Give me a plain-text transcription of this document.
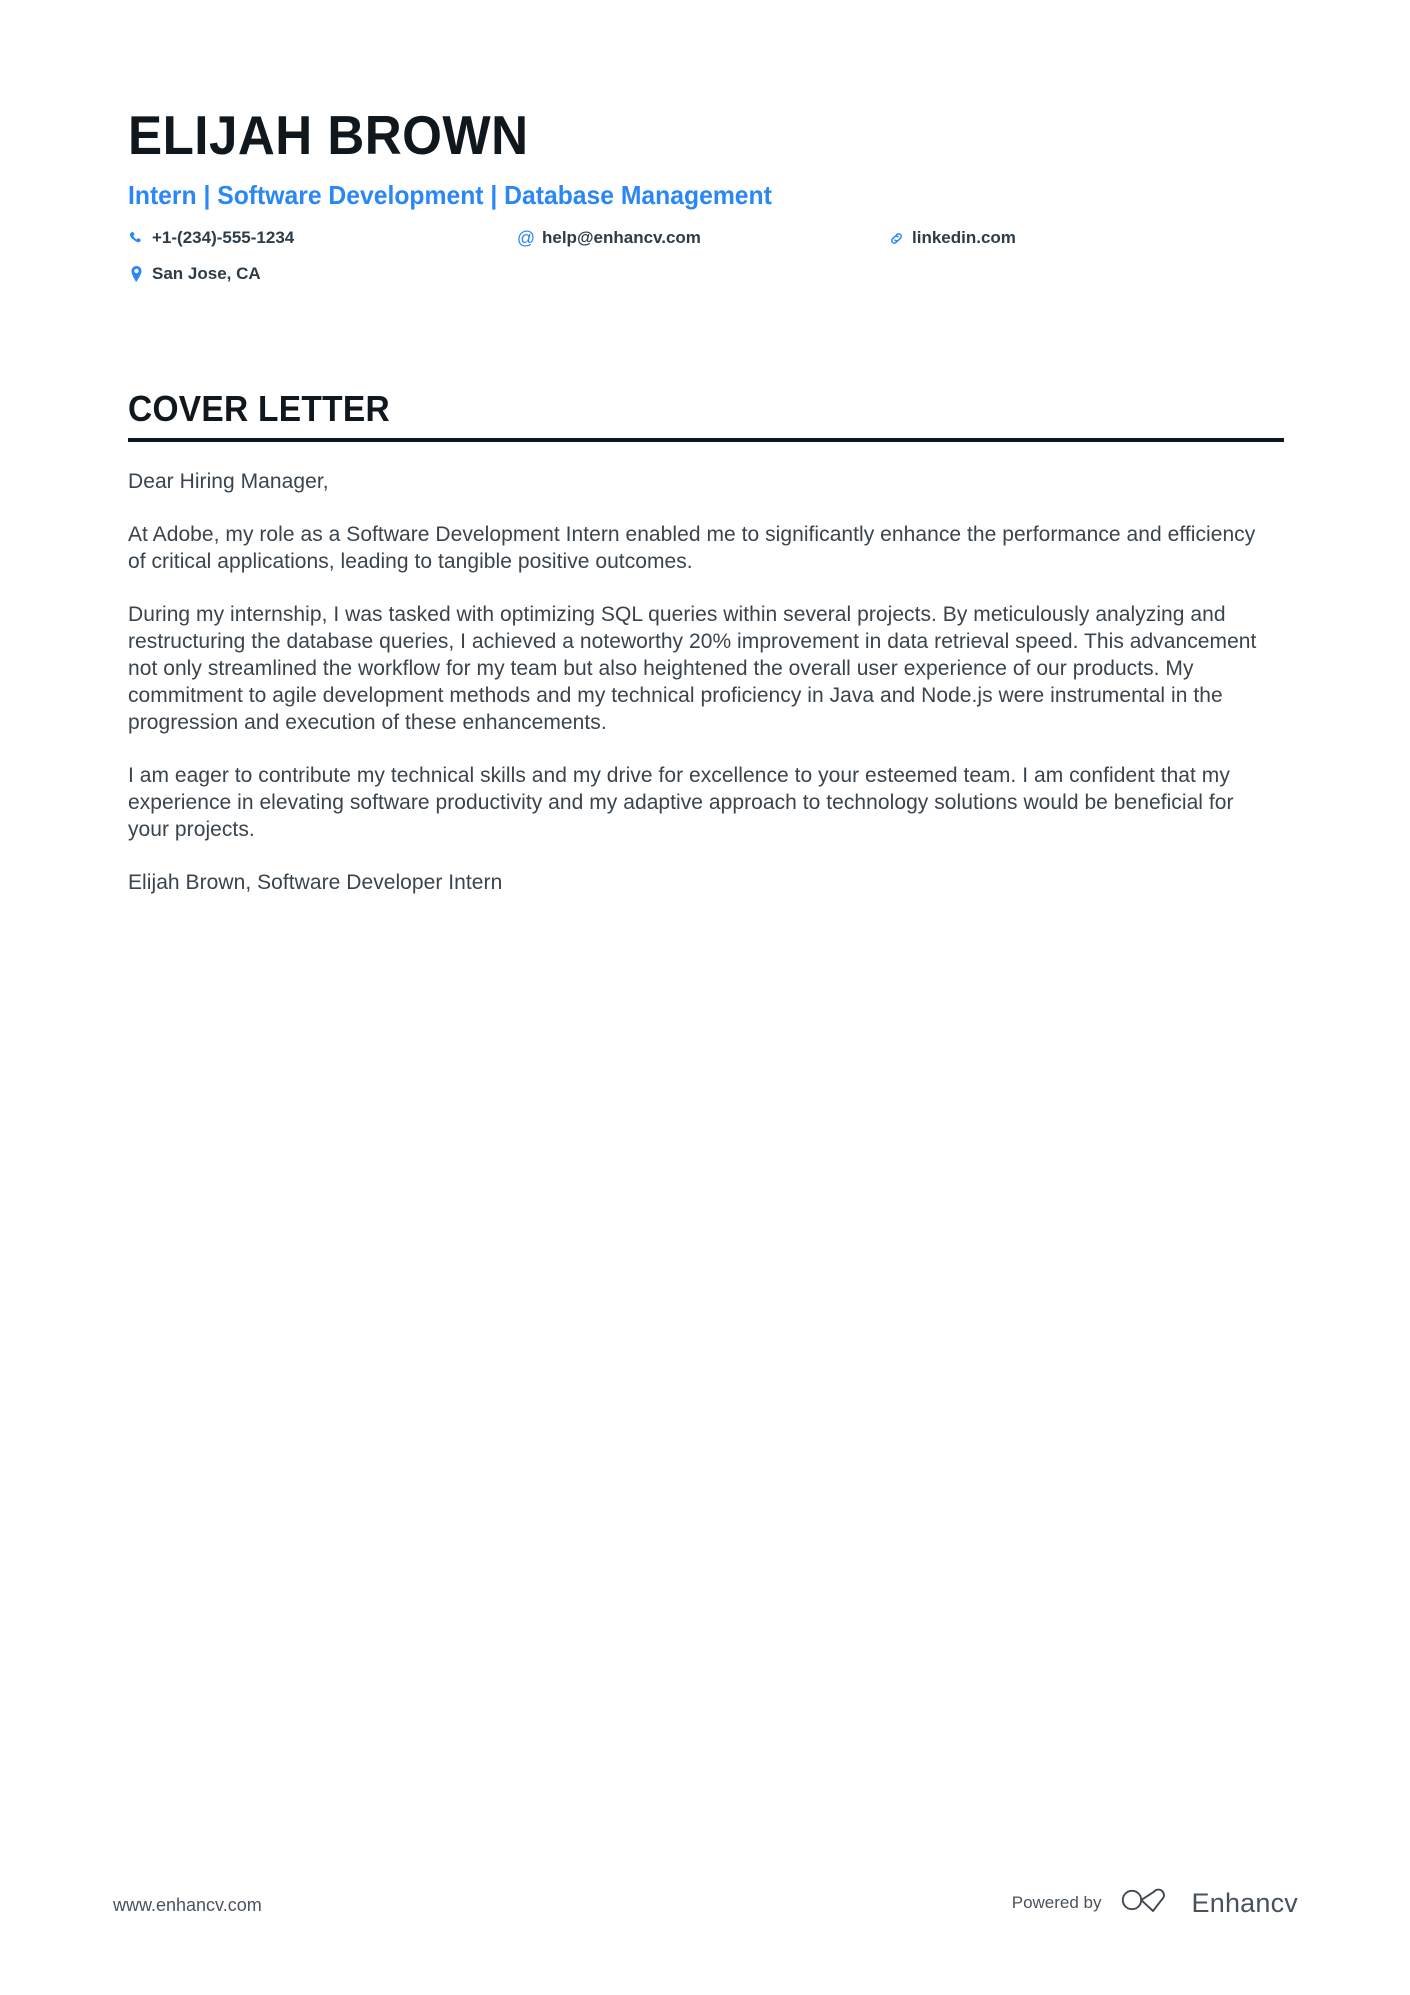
ELIJAH BROWN
Intern | Software Development | Database Management
+1-(234)-555-1234	@ help@enhancv.com	linkedin.com
San Jose, CA
COVER LETTER

Dear Hiring Manager,

At Adobe, my role as a Software Development Intern enabled me to significantly enhance the performance and efficiency of critical applications, leading to tangible positive outcomes.

During my internship, I was tasked with optimizing SQL queries within several projects. By meticulously analyzing and restructuring the database queries, I achieved a noteworthy 20% improvement in data retrieval speed. This advancement not only streamlined the workflow for my team but also heightened the overall user experience of our products. My commitment to agile development methods and my technical proficiency in Java and Node.js were instrumental in the progression and execution of these enhancements.

I am eager to contribute my technical skills and my drive for excellence to your esteemed team. I am confident that my experience in elevating software productivity and my adaptive approach to technology solutions would be beneficial for your projects.

Elijah Brown, Software Developer Intern

www.enhancv.com	Powered by	Enhancv
